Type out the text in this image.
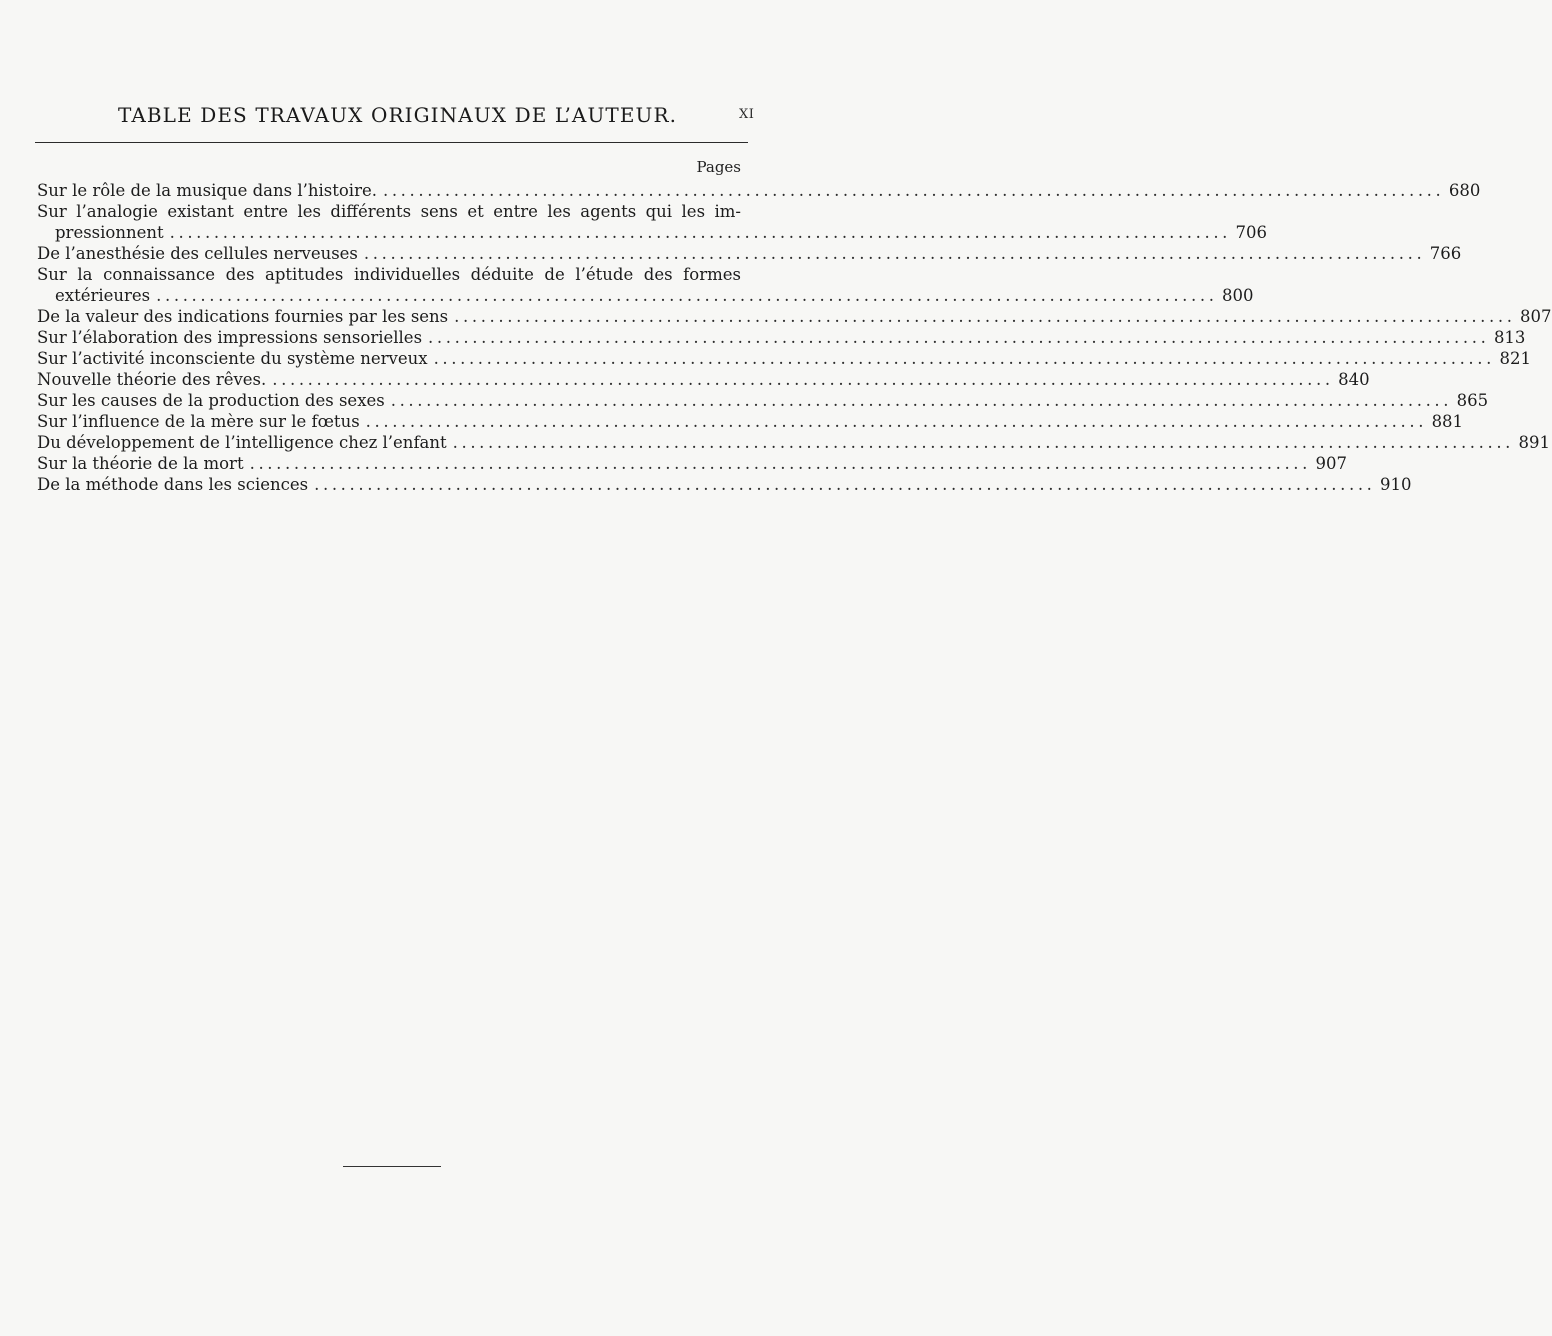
TABLE DES TRAVAUX ORIGINAUX DE L’AUTEUR.	XI
Pages
Sur le rôle de la musique dans l’histoire. ........................................................................................................................ 680
Sur l’analogie existant entre les différents sens et entre les agents qui les im-
pressionnent ........................................................................................................................ 706
De l’anesthésie des cellules nerveuses ........................................................................................................................ 766
Sur la connaissance des aptitudes individuelles déduite de l’étude des formes
extérieures ........................................................................................................................ 800
De la valeur des indications fournies par les sens ........................................................................................................................ 807
Sur l’élaboration des impressions sensorielles ........................................................................................................................ 813
Sur l’activité inconsciente du système nerveux ........................................................................................................................ 821
Nouvelle théorie des rêves. ........................................................................................................................ 840
Sur les causes de la production des sexes ........................................................................................................................ 865
Sur l’influence de la mère sur le fœtus ........................................................................................................................ 881
Du développement de l’intelligence chez l’enfant ........................................................................................................................ 891
Sur la théorie de la mort ........................................................................................................................ 907
De la méthode dans les sciences ........................................................................................................................ 910
